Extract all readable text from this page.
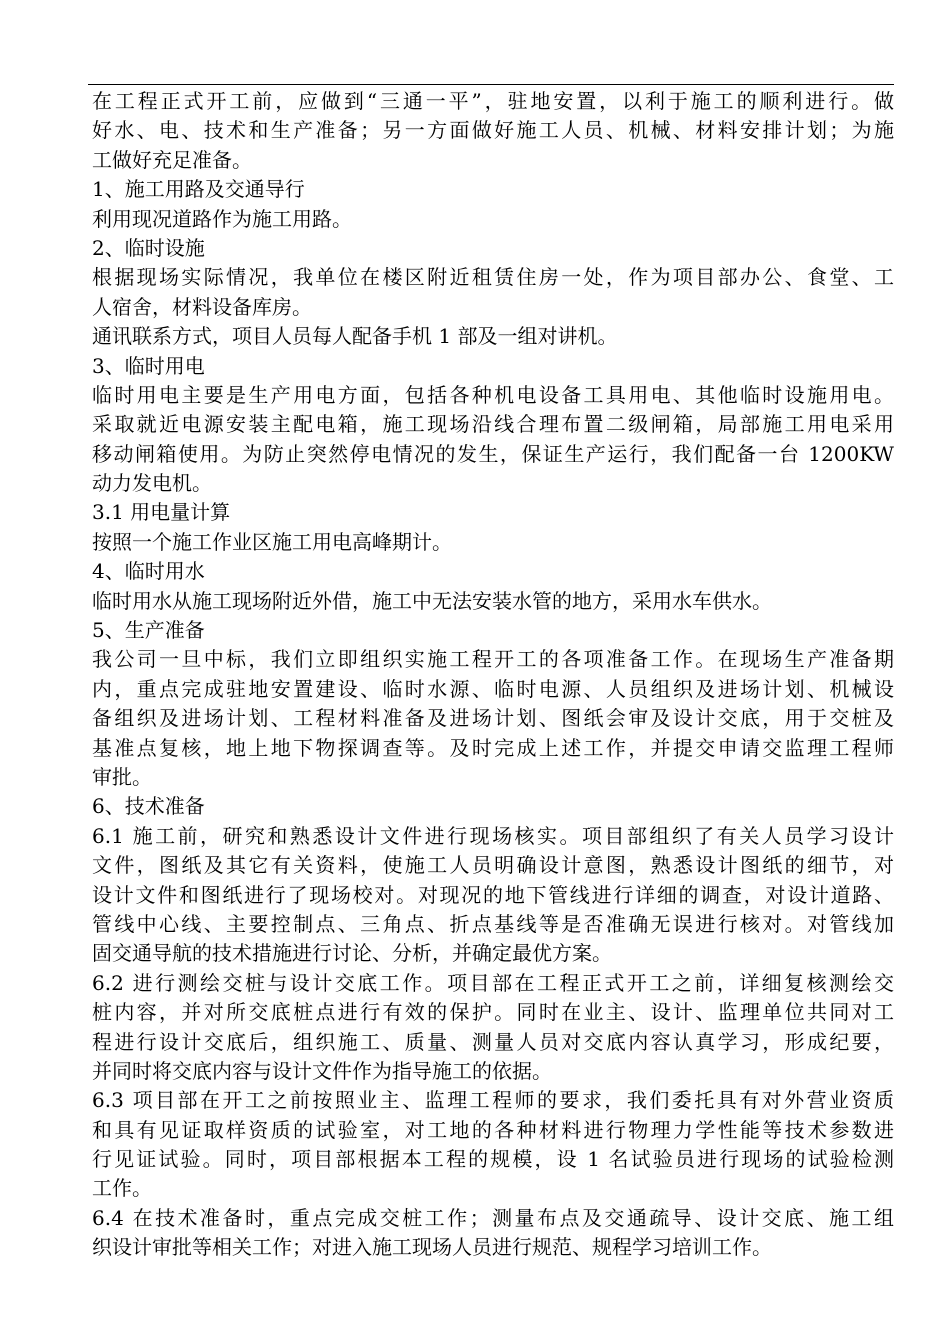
在工程正式开工前，应做到“三通一平”，驻地安置，以利于施工的顺利进行。做

好水、电、技术和生产准备；另一方面做好施工人员、机械、材料安排计划；为施

工做好充足准备。

1、施工用路及交通导行

利用现况道路作为施工用路。

2、临时设施

根据现场实际情况，我单位在楼区附近租赁住房一处，作为项目部办公、食堂、工

人宿舍，材料设备库房。

通讯联系方式，项目人员每人配备手机 1 部及一组对讲机。

3、临时用电

临时用电主要是生产用电方面，包括各种机电设备工具用电、其他临时设施用电。

采取就近电源安装主配电箱，施工现场沿线合理布置二级闸箱，局部施工用电采用

移动闸箱使用。为防止突然停电情况的发生，保证生产运行，我们配备一台 1200KW

动力发电机。

3.1 用电量计算

按照一个施工作业区施工用电高峰期计。

4、临时用水

临时用水从施工现场附近外借，施工中无法安装水管的地方，采用水车供水。

5、生产准备

我公司一旦中标，我们立即组织实施工程开工的各项准备工作。在现场生产准备期

内，重点完成驻地安置建设、临时水源、临时电源、人员组织及进场计划、机械设

备组织及进场计划、工程材料准备及进场计划、图纸会审及设计交底，用于交桩及

基准点复核，地上地下物探调查等。及时完成上述工作，并提交申请交监理工程师

审批。

6、技术准备

6.1 施工前，研究和熟悉设计文件进行现场核实。项目部组织了有关人员学习设计

文件，图纸及其它有关资料，使施工人员明确设计意图，熟悉设计图纸的细节，对

设计文件和图纸进行了现场校对。对现况的地下管线进行详细的调查，对设计道路、

管线中心线、主要控制点、三角点、折点基线等是否准确无误进行核对。对管线加

固交通导航的技术措施进行讨论、分析，并确定最优方案。

6.2 进行测绘交桩与设计交底工作。项目部在工程正式开工之前，详细复核测绘交

桩内容，并对所交底桩点进行有效的保护。同时在业主、设计、监理单位共同对工

程进行设计交底后，组织施工、质量、测量人员对交底内容认真学习，形成纪要，

并同时将交底内容与设计文件作为指导施工的依据。

6.3 项目部在开工之前按照业主、监理工程师的要求，我们委托具有对外营业资质

和具有见证取样资质的试验室，对工地的各种材料进行物理力学性能等技术参数进

行见证试验。同时，项目部根据本工程的规模，设 1 名试验员进行现场的试验检测

工作。

6.4 在技术准备时，重点完成交桩工作；测量布点及交通疏导、设计交底、施工组

织设计审批等相关工作；对进入施工现场人员进行规范、规程学习培训工作。
